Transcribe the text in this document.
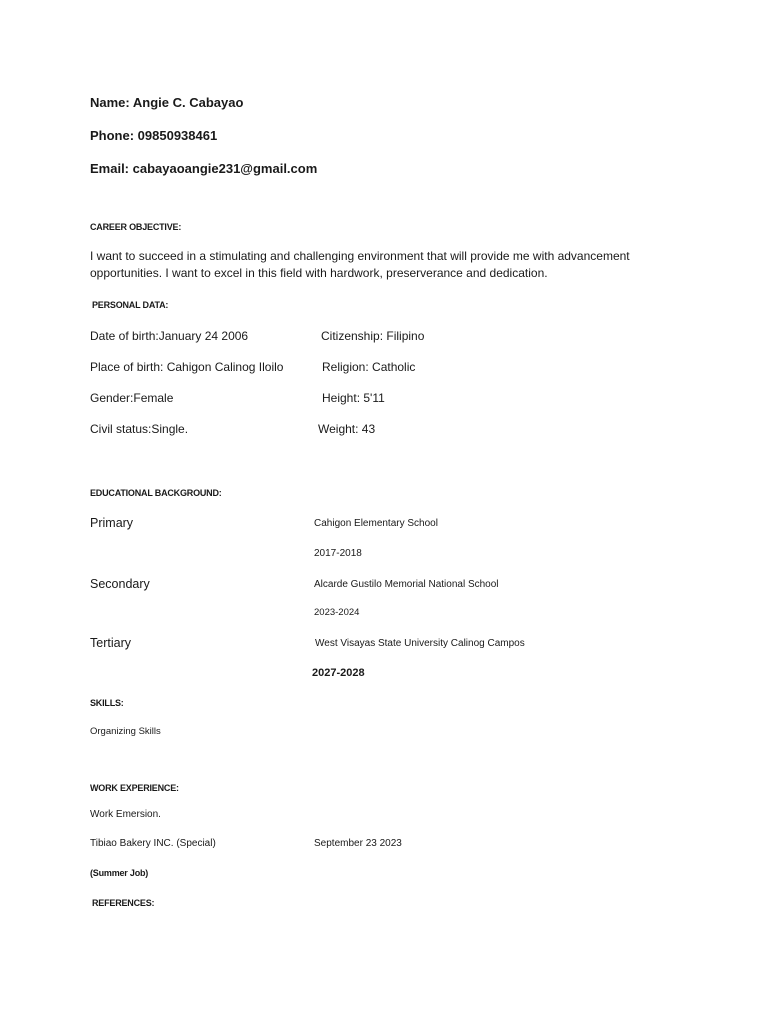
Name: Angie C. Cabayao
Phone: 09850938461
Email: cabayaoangie231@gmail.com
CAREER OBJECTIVE:
I want to succeed in a stimulating and challenging environment that will provide me with advancement opportunities. I want to excel in this field with hardwork, preserverance and dedication.
PERSONAL DATA:
Date of birth:January 24 2006	Citizenship: Filipino
Place of birth: Cahigon Calinog Iloilo	Religion: Catholic
Gender:Female	Height: 5'11
Civil status:Single.	Weight: 43
EDUCATIONAL BACKGROUND:
Primary	Cahigon Elementary School
2017-2018
Secondary	Alcarde Gustilo Memorial National School
2023-2024
Tertiary	West Visayas State University Calinog Campos
2027-2028
SKILLS:
Organizing Skills
WORK EXPERIENCE:
Work Emersion.
Tibiao Bakery INC. (Special)	September 23 2023
(Summer Job)
REFERENCES:
